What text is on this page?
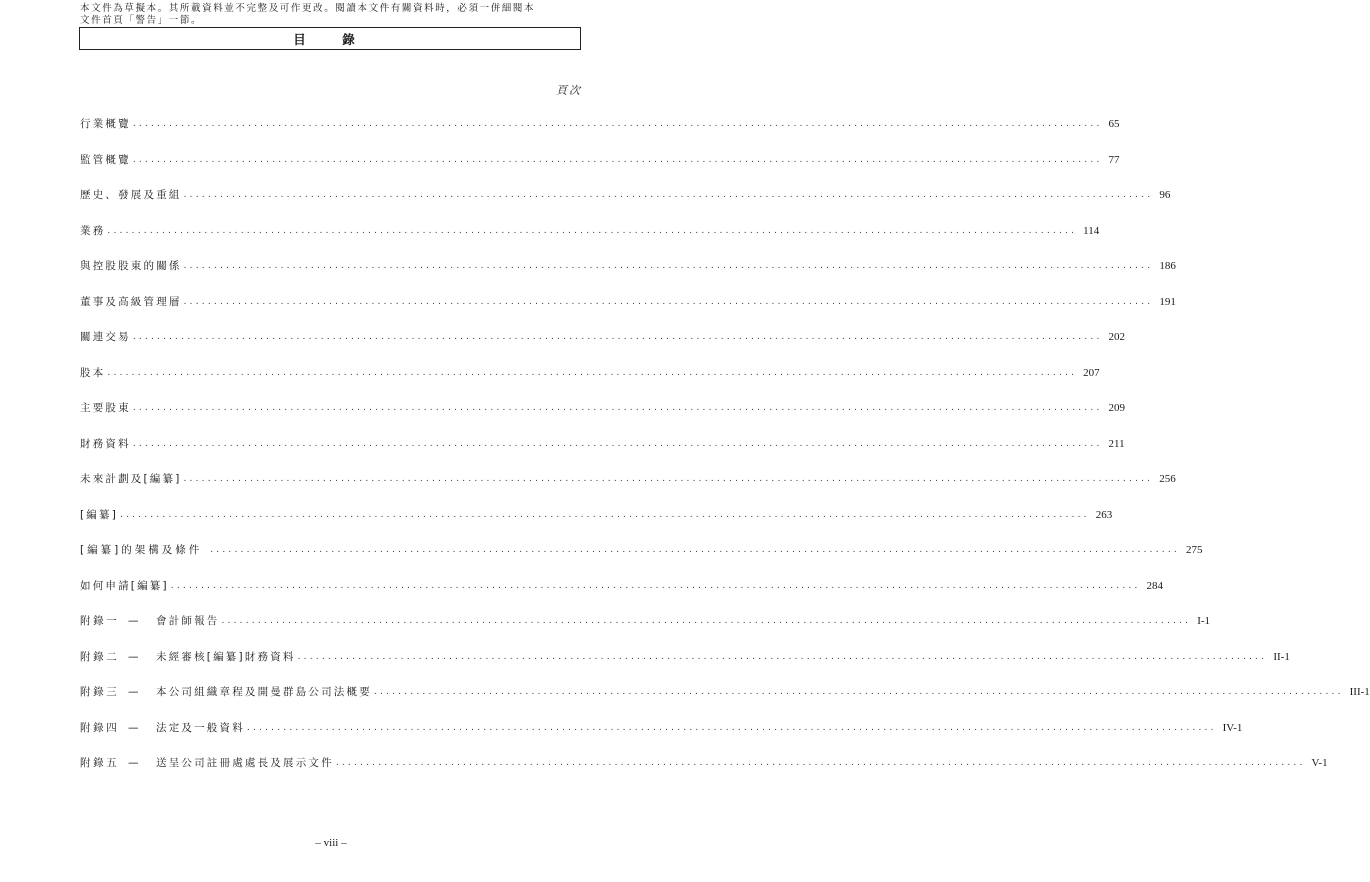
本文件為草擬本。其所載資料並不完整及可作更改。閱讀本文件有關資料時，必須一併細閱本
文件首頁「警告」一節。
目　錄
頁次
行業概覽 ................................................................................................................................................................ 65
監管概覽 ................................................................................................................................................................ 77
歷史、發展及重組 ................................................................................................................................................................ 96
業務 ................................................................................................................................................................ 114
與控股股東的關係 ................................................................................................................................................................ 186
董事及高級管理層 ................................................................................................................................................................ 191
關連交易 ................................................................................................................................................................ 202
股本 ................................................................................................................................................................ 207
主要股東 ................................................................................................................................................................ 209
財務資料 ................................................................................................................................................................ 211
未來計劃及[編纂] ................................................................................................................................................................ 256
[編纂] ................................................................................................................................................................ 263
[編纂]的架構及條件 ................................................................................................................................................................ 275
如何申請[編纂] ................................................................................................................................................................ 284
附錄一 — 會計師報告 ................................................................................................................................................................ I-1
附錄二 — 未經審核[編纂]財務資料 ................................................................................................................................................................ II-1
附錄三 — 本公司組織章程及開曼群島公司法概要 ................................................................................................................................................................ III-1
附錄四 — 法定及一般資料 ................................................................................................................................................................ IV-1
附錄五 — 送呈公司註冊處處長及展示文件 ................................................................................................................................................................ V-1
– viii –
